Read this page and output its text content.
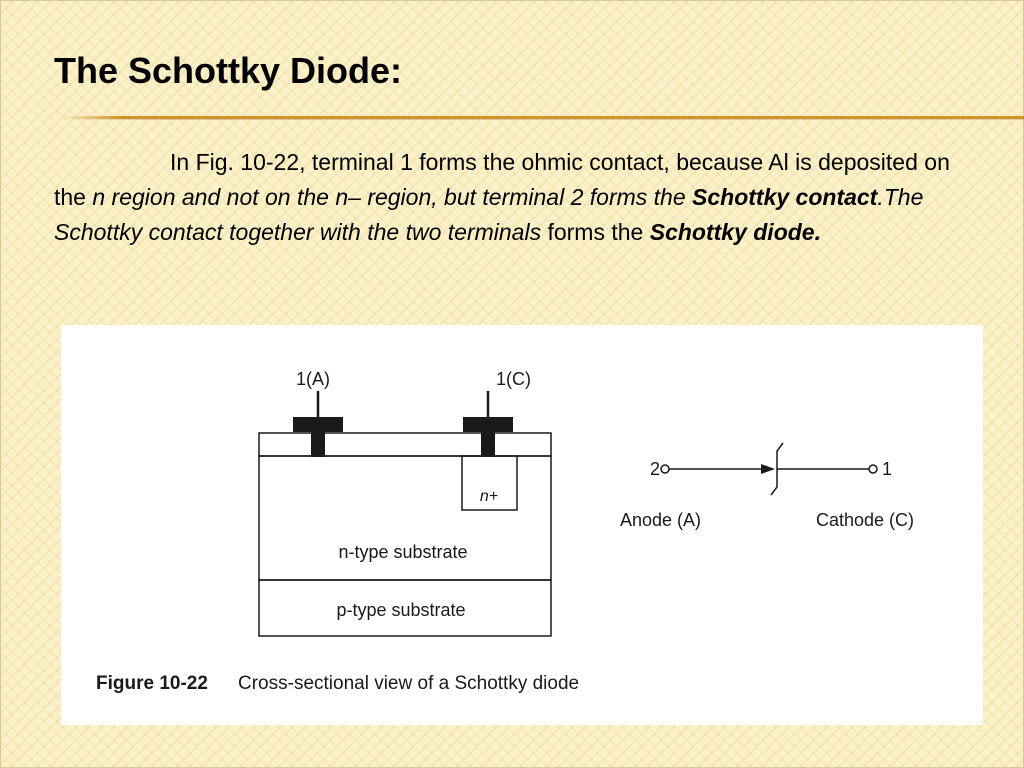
The Schottky Diode:

In Fig. 10-22, terminal 1 forms the ohmic contact, because Al is deposited on the n region and not on the n– region, but terminal 2 forms the Schottky contact.The Schottky contact together with the two terminals forms the Schottky diode.

1(A)	1(C)
n+
n-type substrate
p-type substrate
2	1
Anode (A)	Cathode (C)
Figure 10-22 Cross-sectional view of a Schottky diode
